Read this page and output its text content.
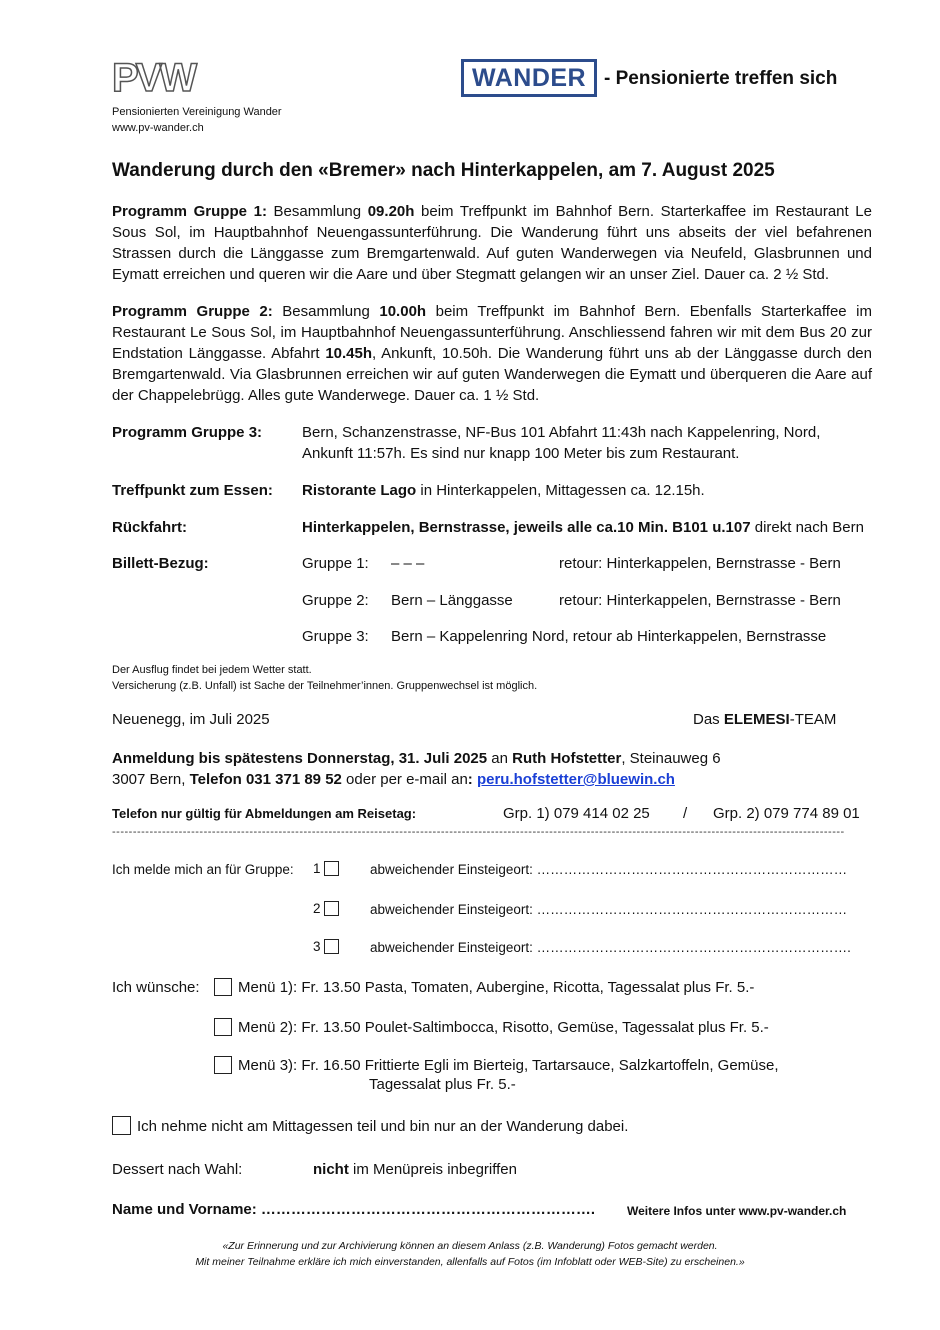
PVW
Pensionierten Vereinigung Wander
www.pv-wander.ch
WANDER - Pensionierte treffen sich
Wanderung durch den «Bremer» nach Hinterkappelen, am 7. August 2025
Programm Gruppe 1: Besammlung 09.20h beim Treffpunkt im Bahnhof Bern. Starterkaffee im Restaurant Le Sous Sol, im Hauptbahnhof Neuengassunterführung. Die Wanderung führt uns abseits der viel befahrenen Strassen durch die Länggasse zum Bremgartenwald. Auf guten Wanderwegen via Neufeld, Glasbrunnen und Eymatt erreichen und queren wir die Aare und über Stegmatt gelangen wir an unser Ziel. Dauer ca. 2 ½ Std.
Programm Gruppe 2: Besammlung 10.00h beim Treffpunkt im Bahnhof Bern. Ebenfalls Starterkaffee im Restaurant Le Sous Sol, im Hauptbahnhof Neuengassunterführung. Anschliessend fahren wir mit dem Bus 20 zur Endstation Länggasse. Abfahrt 10.45h, Ankunft, 10.50h. Die Wanderung führt uns ab der Länggasse durch den Bremgartenwald. Via Glasbrunnen erreichen wir auf guten Wanderwegen die Eymatt und überqueren die Aare auf der Chappelebrügg. Alles gute Wanderwege. Dauer ca. 1 ½ Std.
Programm Gruppe 3:	Bern, Schanzenstrasse, NF-Bus 101 Abfahrt 11:43h nach Kappelenring, Nord,
Ankunft 11:57h. Es sind nur knapp 100 Meter bis zum Restaurant.
Treffpunkt zum Essen: Ristorante Lago in Hinterkappelen, Mittagessen ca. 12.15h.
Rückfahrt:	Hinterkappelen, Bernstrasse, jeweils alle ca.10 Min. B101 u.107 direkt nach Bern
Billett-Bezug:	Gruppe 1: – – –	retour: Hinterkappelen, Bernstrasse - Bern
Gruppe 2: Bern – Länggasse	retour: Hinterkappelen, Bernstrasse - Bern
Gruppe 3: Bern – Kappelenring Nord, retour ab Hinterkappelen, Bernstrasse
Der Ausflug findet bei jedem Wetter statt.
Versicherung (z.B. Unfall) ist Sache der Teilnehmer’innen. Gruppenwechsel ist möglich.
Neuenegg, im Juli 2025	Das ELEMESI-TEAM
Anmeldung bis spätestens Donnerstag, 31. Juli 2025 an Ruth Hofstetter, Steinauweg 6
3007 Bern, Telefon 031 371 89 52 oder per e-mail an: peru.hofstetter@bluewin.ch
Telefon nur gültig für Abmeldungen am Reisetag:	Grp. 1) 079 414 02 25 / Grp. 2) 079 774 89 01
--------------------------------------------------------------------------------------------------------------------------------------------------------------------------------
Ich melde mich an für Gruppe: 1	abweichender Einsteigeort: ……………………………………………………………
2	abweichender Einsteigeort: ……………………………………………………………
3	abweichender Einsteigeort: …………………………………………………………….
Ich wünsche:	Menü 1): Fr. 13.50 Pasta, Tomaten, Aubergine, Ricotta, Tagessalat plus Fr. 5.-
Menü 2): Fr. 13.50 Poulet-Saltimbocca, Risotto, Gemüse, Tagessalat plus Fr. 5.-
Menü 3): Fr. 16.50 Frittierte Egli im Bierteig, Tartarsauce, Salzkartoffeln, Gemüse,
Tagessalat plus Fr. 5.-
Ich nehme nicht am Mittagessen teil und bin nur an der Wanderung dabei.
Dessert nach Wahl:	nicht im Menüpreis inbegriffen
Name und Vorname: ………………………………………………………….	Weitere Infos unter www.pv-wander.ch
«Zur Erinnerung und zur Archivierung können an diesem Anlass (z.B. Wanderung) Fotos gemacht werden.
Mit meiner Teilnahme erkläre ich mich einverstanden, allenfalls auf Fotos (im Infoblatt oder WEB-Site) zu erscheinen.»
